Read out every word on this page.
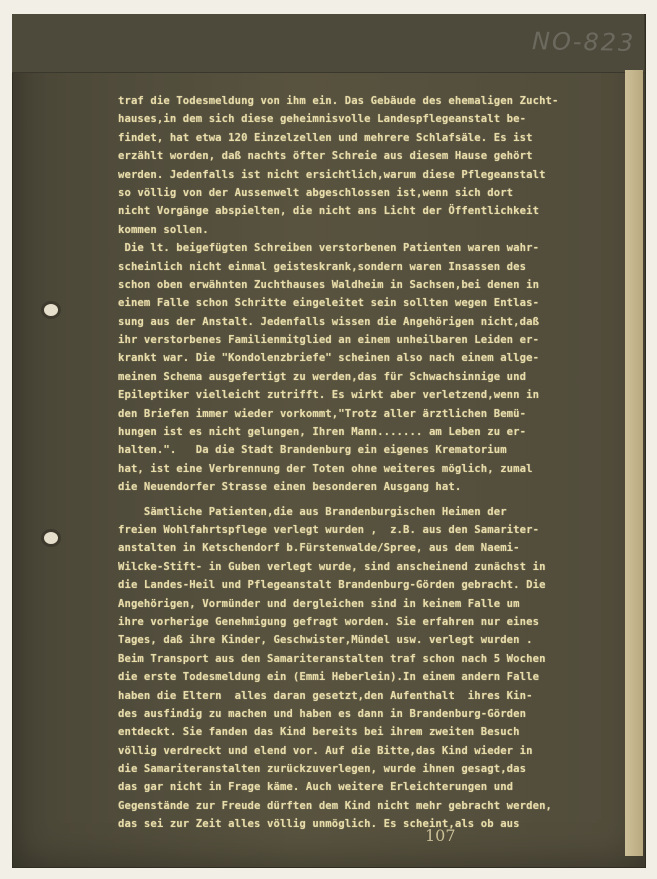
NO-823
traf die Todesmeldung von ihm ein. Das Gebäude des ehemaligen Zucht-
hauses,in dem sich diese geheimnisvolle Landespflegeanstalt be-
findet, hat etwa 120 Einzelzellen und mehrere Schlafsäle. Es ist
erzählt worden, daß nachts öfter Schreie aus diesem Hause gehört
werden. Jedenfalls ist nicht ersichtlich,warum diese Pflegeanstalt
so völlig von der Aussenwelt abgeschlossen ist,wenn sich dort
nicht Vorgänge abspielten, die nicht ans Licht der Öffentlichkeit
kommen sollen.
Die lt. beigefügten Schreiben verstorbenen Patienten waren wahr-
scheinlich nicht einmal geisteskrank,sondern waren Insassen des
schon oben erwähnten Zuchthauses Waldheim in Sachsen,bei denen in
einem Falle schon Schritte eingeleitet sein sollten wegen Entlas-
sung aus der Anstalt. Jedenfalls wissen die Angehörigen nicht,daß
ihr verstorbenes Familienmitglied an einem unheilbaren Leiden er-
krankt war. Die "Kondolenzbriefe" scheinen also nach einem allge-
meinen Schema ausgefertigt zu werden,das für Schwachsinnige und
Epileptiker vielleicht zutrifft. Es wirkt aber verletzend,wenn in
den Briefen immer wieder vorkommt,"Trotz aller ärztlichen Bemü-
hungen ist es nicht gelungen, Ihren Mann....... am Leben zu er-
halten.".   Da die Stadt Brandenburg ein eigenes Krematorium
hat, ist eine Verbrennung der Toten ohne weiteres möglich, zumal
die Neuendorfer Strasse einen besonderen Ausgang hat.
Sämtliche Patienten,die aus Brandenburgischen Heimen der
freien Wohlfahrtspflege verlegt wurden ,  z.B. aus den Samariter-
anstalten in Ketschendorf b.Fürstenwalde/Spree, aus dem Naemi-
Wilcke-Stift- in Guben verlegt wurde, sind anscheinend zunächst in
die Landes-Heil und Pflegeanstalt Brandenburg-Görden gebracht. Die
Angehörigen, Vormünder und dergleichen sind in keinem Falle um
ihre vorherige Genehmigung gefragt worden. Sie erfahren nur eines
Tages, daß ihre Kinder, Geschwister,Mündel usw. verlegt wurden .
Beim Transport aus den Samariteranstalten traf schon nach 5 Wochen
die erste Todesmeldung ein (Emmi Heberlein).In einem andern Falle
haben die Eltern  alles daran gesetzt,den Aufenthalt  ihres Kin-
des ausfindig zu machen und haben es dann in Brandenburg-Görden
entdeckt. Sie fanden das Kind bereits bei ihrem zweiten Besuch
völlig verdreckt und elend vor. Auf die Bitte,das Kind wieder in
die Samariteranstalten zurückzuverlegen, wurde ihnen gesagt,das
das gar nicht in Frage käme. Auch weitere Erleichterungen und
Gegenstände zur Freude dürften dem Kind nicht mehr gebracht werden,
das sei zur Zeit alles völlig unmöglich. Es scheint,als ob aus
107
